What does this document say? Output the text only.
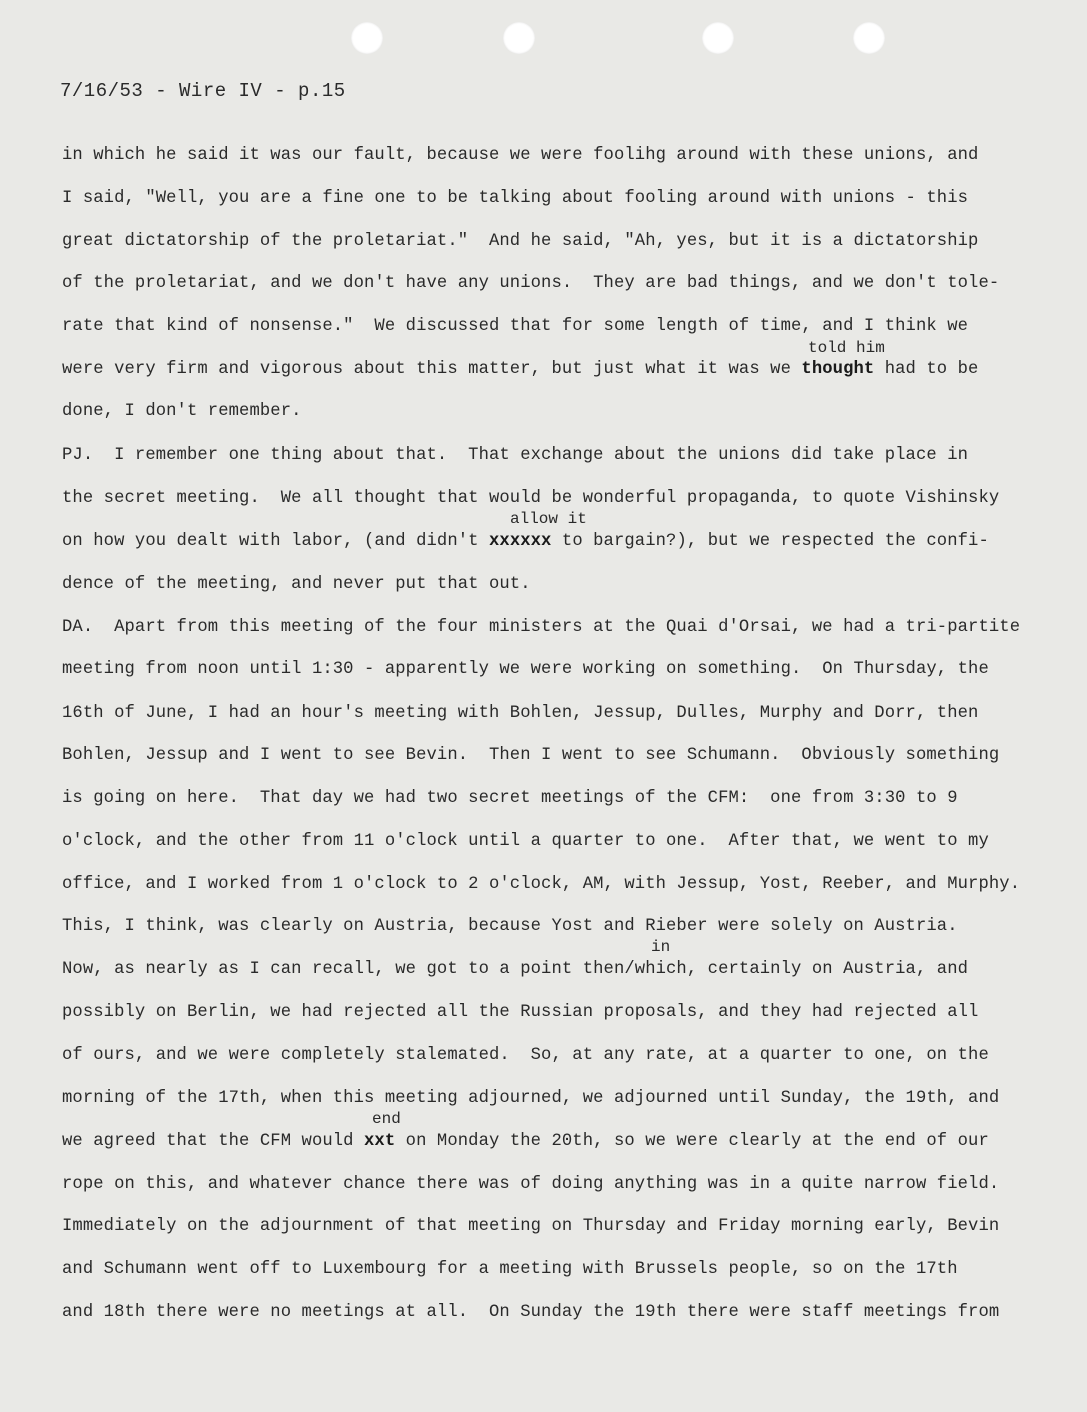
7/16/53 - Wire IV - p.15
in which he said it was our fault, because we were foolihg around with these unions, and
I said, "Well, you are a fine one to be talking about fooling around with unions - this
great dictatorship of the proletariat."  And he said, "Ah, yes, but it is a dictatorship
of the proletariat, and we don't have any unions.  They are bad things, and we don't tole-
rate that kind of nonsense."  We discussed that for some length of time, and I think we
told him
were very firm and vigorous about this matter, but just what it was we thought had to be
done, I don't remember.
PJ.  I remember one thing about that.  That exchange about the unions did take place in
the secret meeting.  We all thought that would be wonderful propaganda, to quote Vishinsky
allow it
on how you dealt with labor, (and didn't xxxxxx to bargain?), but we respected the confi-
dence of the meeting, and never put that out.
DA.  Apart from this meeting of the four ministers at the Quai d'Orsai, we had a tri-partite
meeting from noon until 1:30 - apparently we were working on something.  On Thursday, the
16th of June, I had an hour's meeting with Bohlen, Jessup, Dulles, Murphy and Dorr, then
Bohlen, Jessup and I went to see Bevin.  Then I went to see Schumann.  Obviously something
is going on here.  That day we had two secret meetings of the CFM:  one from 3:30 to 9
o'clock, and the other from 11 o'clock until a quarter to one.  After that, we went to my
office, and I worked from 1 o'clock to 2 o'clock, AM, with Jessup, Yost, Reeber, and Murphy.
This, I think, was clearly on Austria, because Yost and Rieber were solely on Austria.
in
Now, as nearly as I can recall, we got to a point then/which, certainly on Austria, and
possibly on Berlin, we had rejected all the Russian proposals, and they had rejected all
of ours, and we were completely stalemated.  So, at any rate, at a quarter to one, on the
morning of the 17th, when this meeting adjourned, we adjourned until Sunday, the 19th, and
end
we agreed that the CFM would xxt on Monday the 20th, so we were clearly at the end of our
rope on this, and whatever chance there was of doing anything was in a quite narrow field.
Immediately on the adjournment of that meeting on Thursday and Friday morning early, Bevin
and Schumann went off to Luxembourg for a meeting with Brussels people, so on the 17th
and 18th there were no meetings at all.  On Sunday the 19th there were staff meetings from
